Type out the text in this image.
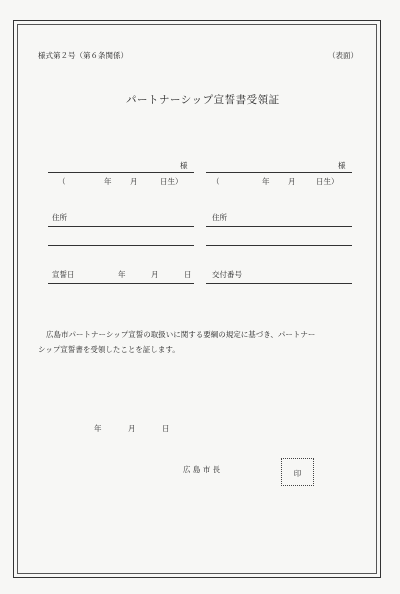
様式第２号（第６条関係）	（表面）
パートナーシップ宣誓書受領証
様
（	年 月	日生）
住所
様
（	年 月	日生）
住所
宣誓日	年	月	日	交付番号
広島市パートナーシップ宣誓の取扱いに関する要綱の規定に基づき、パートナー
シップ宣誓書を受領したことを証します。
年	月	日
広 島 市 長	印
